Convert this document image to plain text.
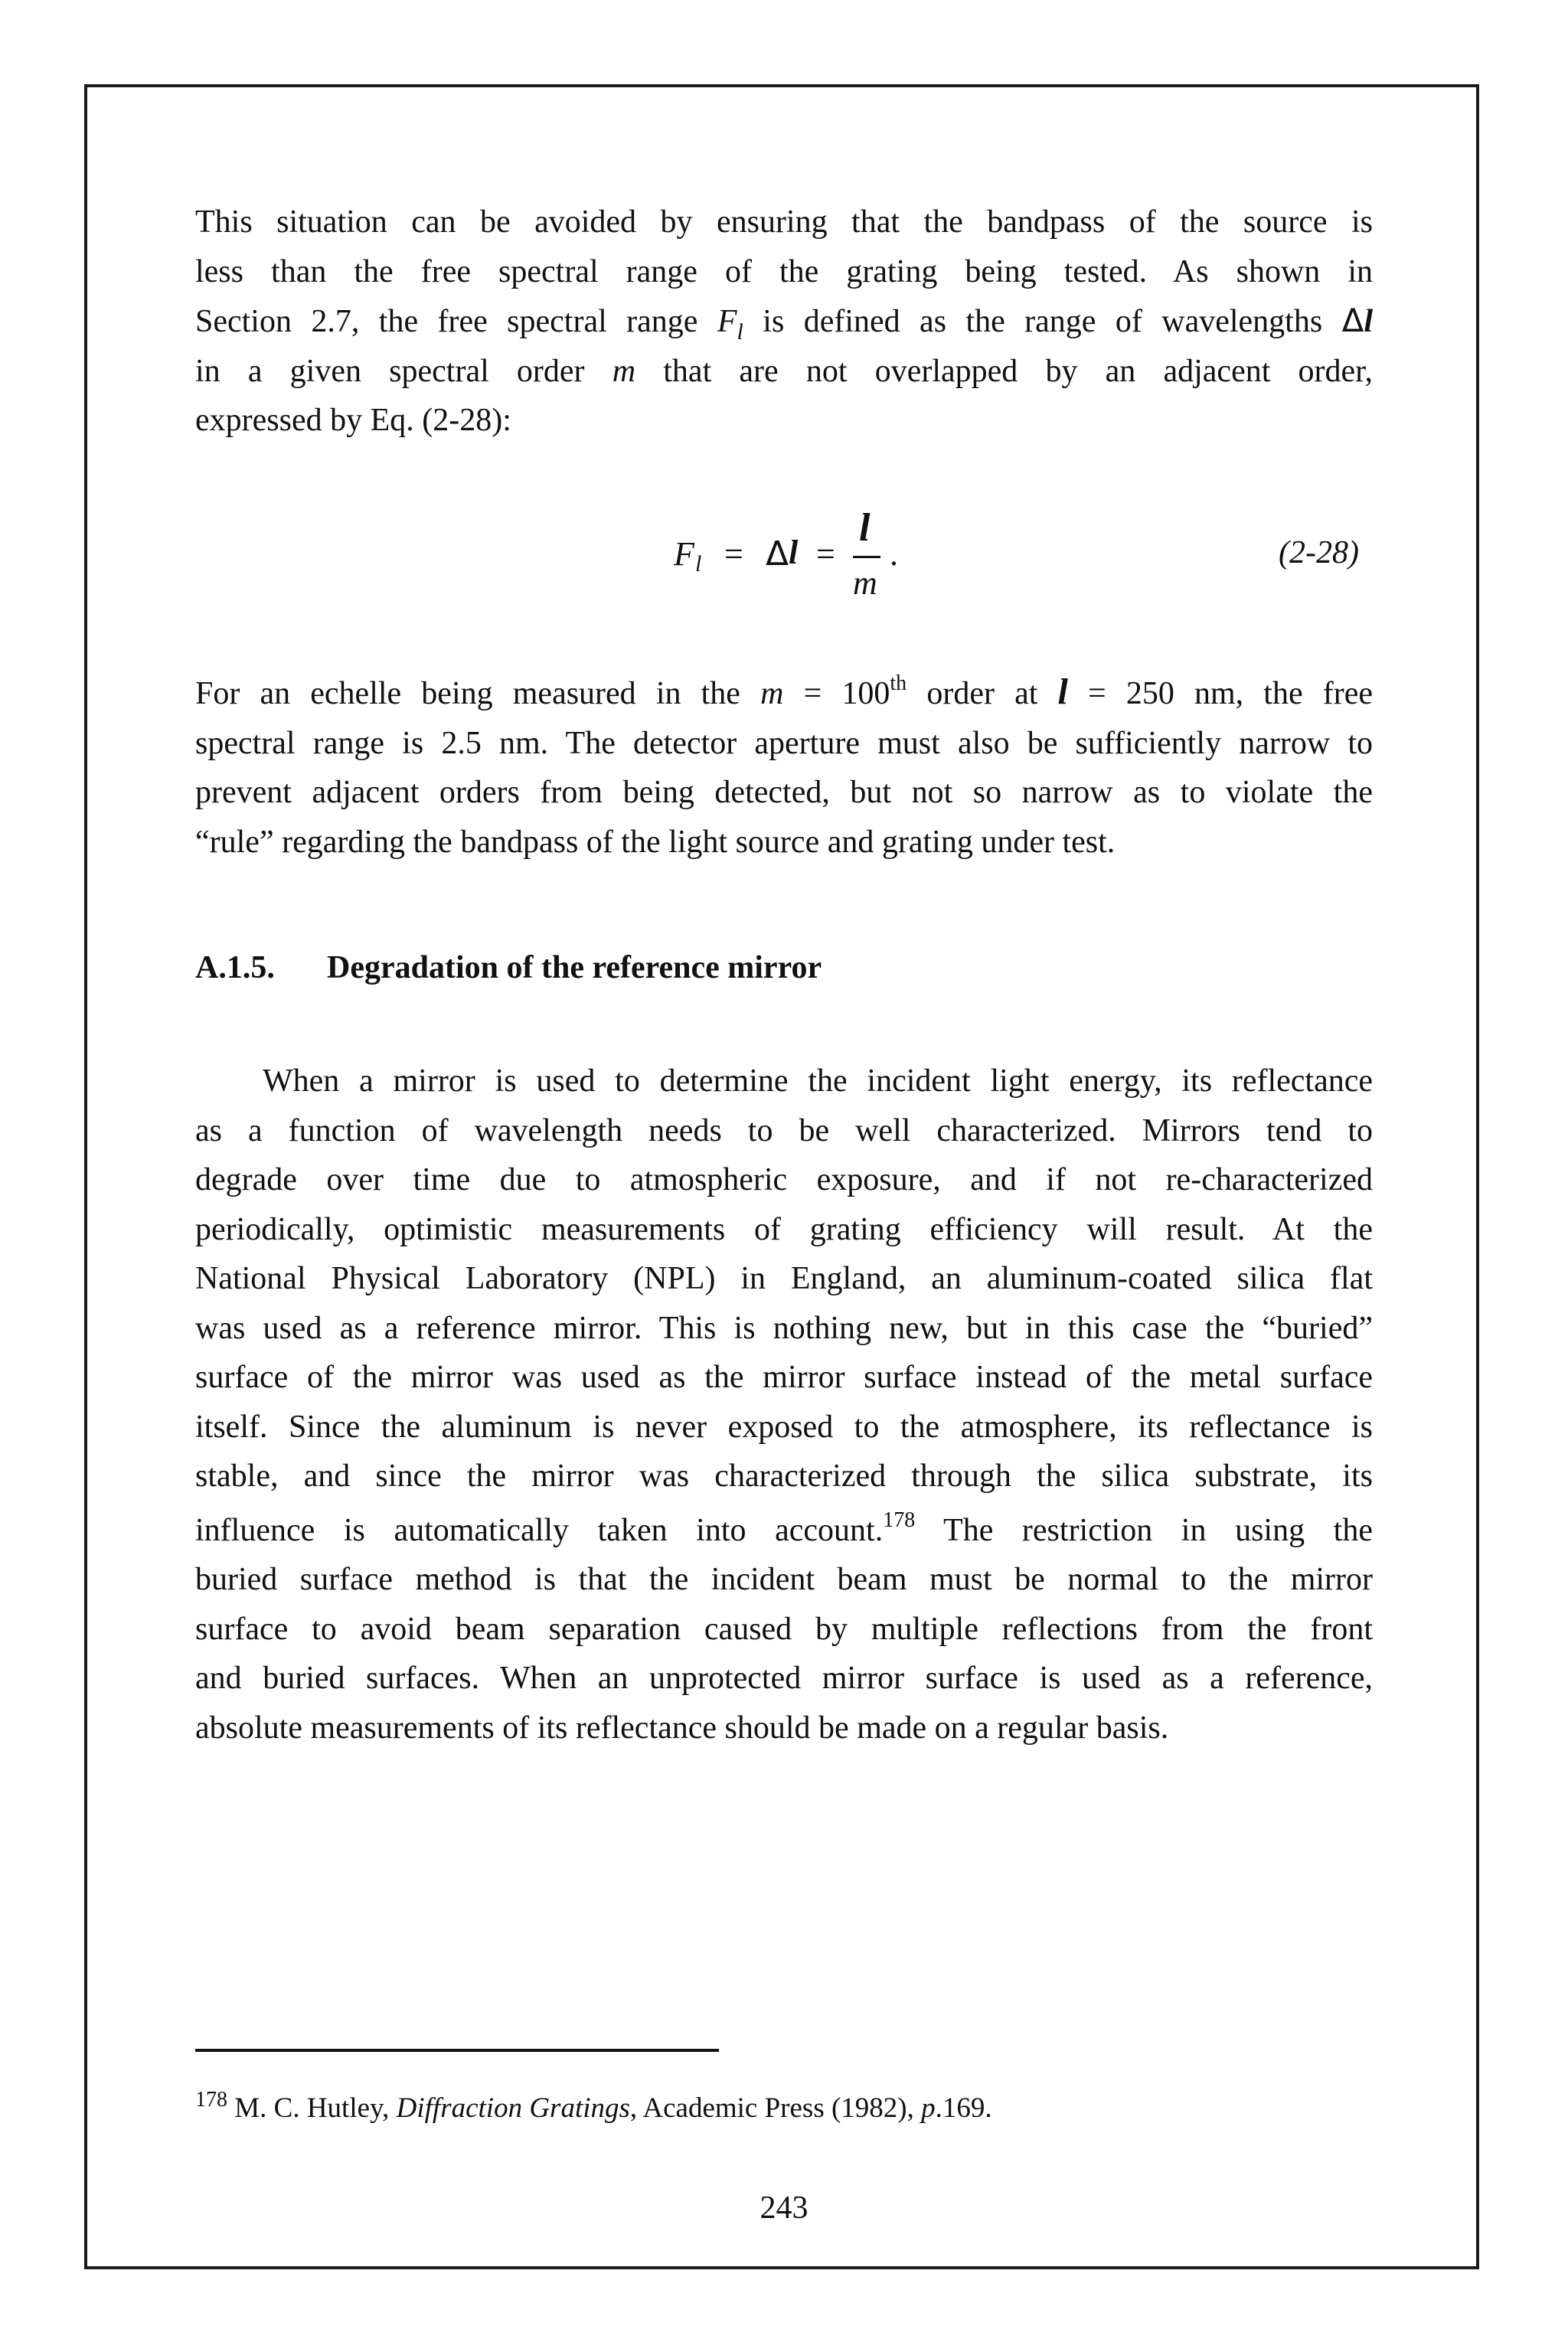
This situation can be avoided by ensuring that the bandpass of the source is
less than the free spectral range of the grating being tested. As shown in
Section 2.7, the free spectral range $F_l$ is defined as the range of wavelengths Δl
in a given spectral order m that are not overlapped by an adjacent order,
expressed by Eq. (2-28):
F l = Δ l =
l
m
.	(2-28)
For an echelle being measured in the m = 100th order at l = 250 nm, the free
spectral range is 2.5 nm. The detector aperture must also be sufficiently narrow to
prevent adjacent orders from being detected, but not so narrow as to violate the
“rule” regarding the bandpass of the light source and grating under test.
A.1.5. Degradation of the reference mirror
When a mirror is used to determine the incident light energy, its reflectance
as a function of wavelength needs to be well characterized. Mirrors tend to
degrade over time due to atmospheric exposure, and if not re-characterized
periodically, optimistic measurements of grating efficiency will result. At the
National Physical Laboratory (NPL) in England, an aluminum-coated silica flat
was used as a reference mirror. This is nothing new, but in this case the “buried”
surface of the mirror was used as the mirror surface instead of the metal surface
itself. Since the aluminum is never exposed to the atmosphere, its reflectance is
stable, and since the mirror was characterized through the silica substrate, its
influence is automatically taken into account.$^{178}$ The restriction in using the
buried surface method is that the incident beam must be normal to the mirror
surface to avoid beam separation caused by multiple reflections from the front
and buried surfaces. When an unprotected mirror surface is used as a reference,
absolute measurements of its reflectance should be made on a regular basis.
$^{178}$ M. C. Hutley, Diffraction Gratings, Academic Press (1982), p.169.
243
